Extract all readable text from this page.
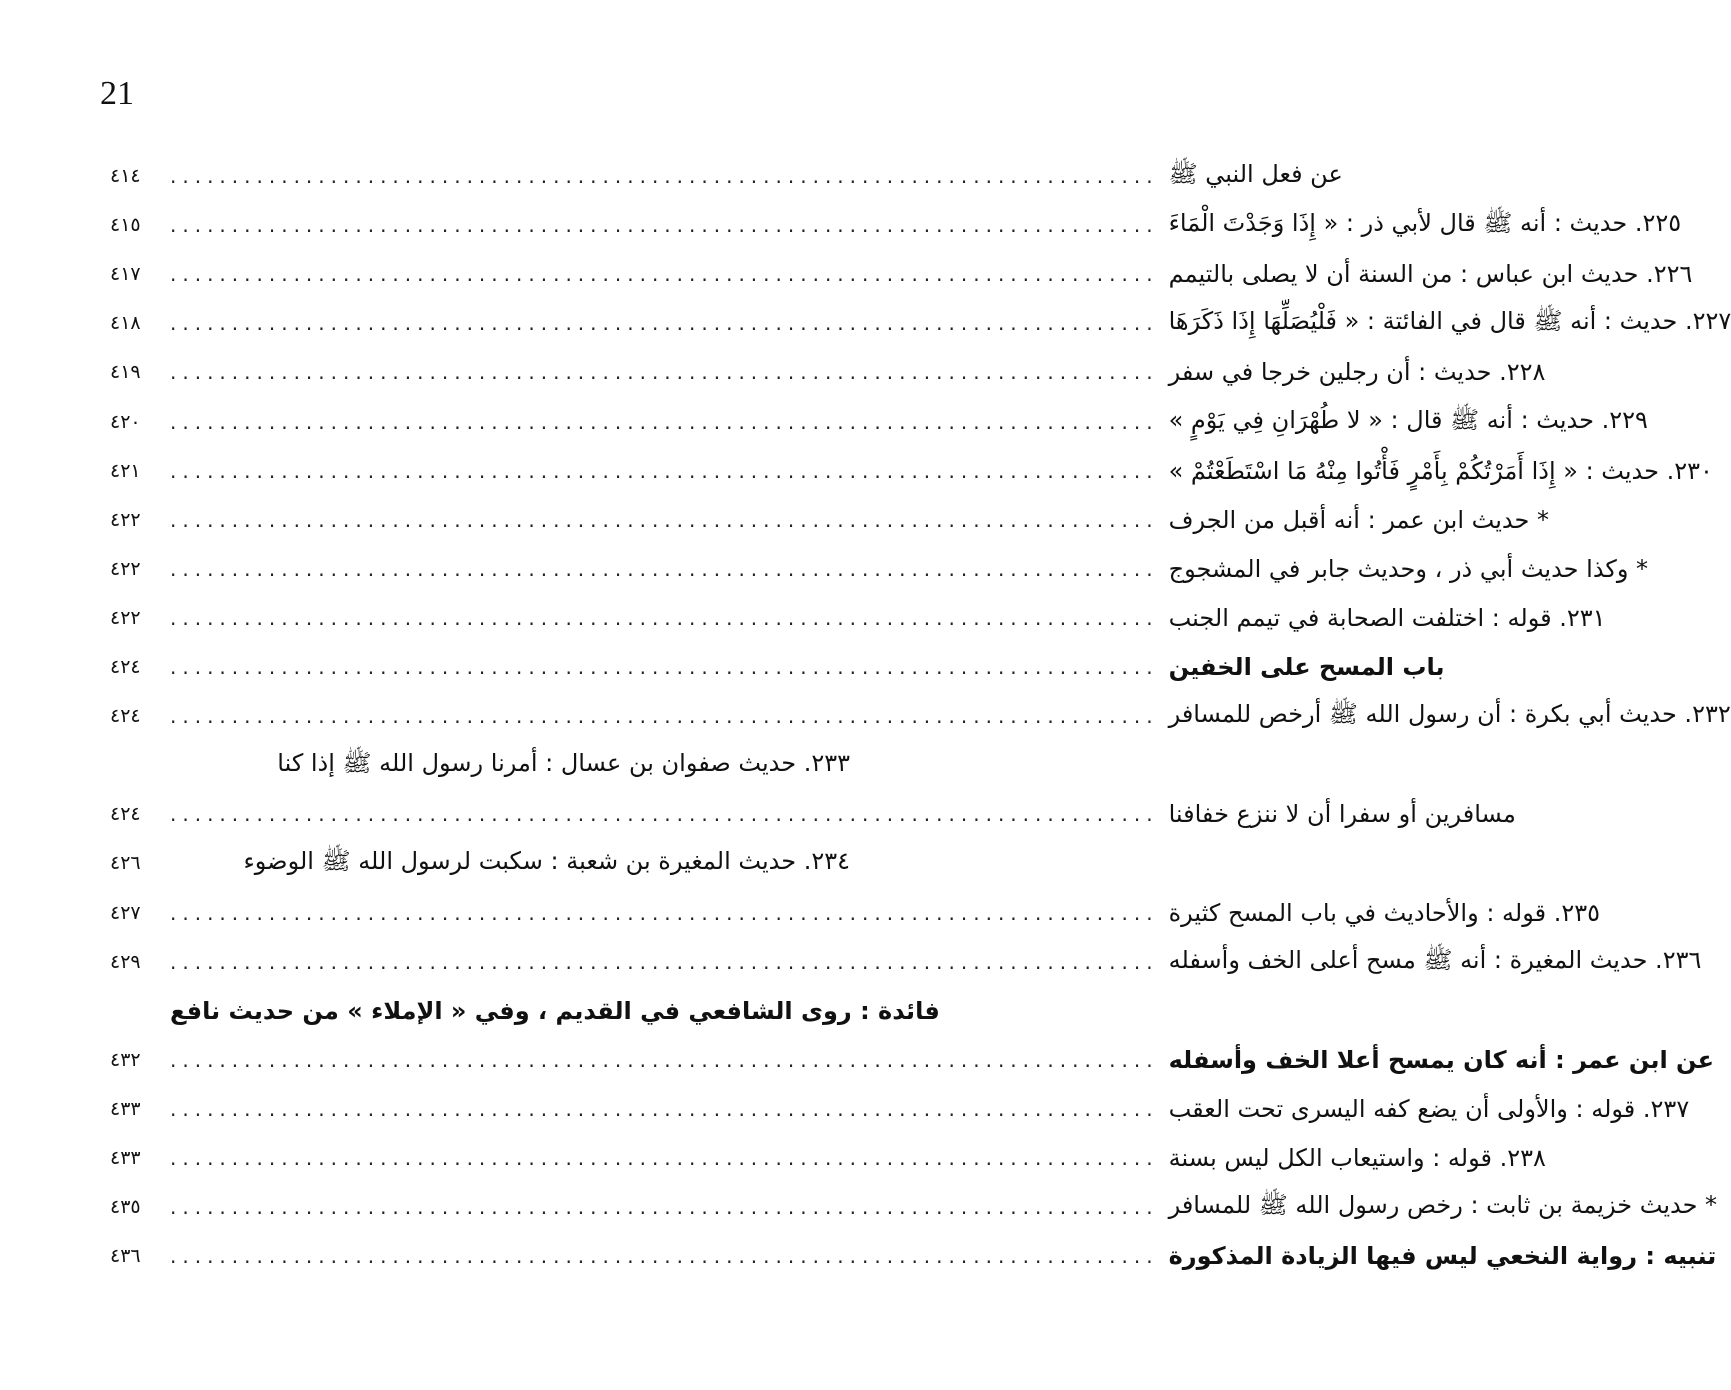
21
٤١٤	عن فعل النبي ﷺ
................................................................................
٤١٥	٢٢٥. حديث : أنه ﷺ قال لأبي ذر : « إِذَا وَجَدْتَ الْمَاءَ
................................................................................
٤١٧	٢٢٦. حديث ابن عباس : من السنة أن لا يصلى بالتيمم
................................................................................
٤١٨	٢٢٧. حديث : أنه ﷺ قال في الفائتة : « فَلْيُصَلِّهَا إِذَا ذَكَرَهَا
................................................................................
٤١٩	٢٢٨. حديث : أن رجلين خرجا في سفر
................................................................................
٤٢٠	٢٢٩. حديث : أنه ﷺ قال : « لا طُهْرَانِ فِي يَوْمٍ »
................................................................................
٤٢١	٢٣٠. حديث : « إِذَا أَمَرْتُكُمْ بِأَمْرٍ فَأْتُوا مِنْهُ مَا اسْتَطَعْتُمْ »
................................................................................
٤٢٢	* حديث ابن عمر : أنه أقبل من الجرف
................................................................................
٤٢٢	* وكذا حديث أبي ذر ، وحديث جابر في المشجوج
................................................................................
٤٢٢	٢٣١. قوله : اختلفت الصحابة في تيمم الجنب
................................................................................
٤٢٤	باب المسح على الخفين
................................................................................
٤٢٤	٢٣٢. حديث أبي بكرة : أن رسول الله ﷺ أرخص للمسافر
................................................................................
٢٣٣. حديث صفوان بن عسال : أمرنا رسول الله ﷺ إذا كنا
٤٢٤	مسافرين أو سفرا أن لا ننزع خفافنا
................................................................................
٤٢٦	٢٣٤. حديث المغيرة بن شعبة : سكبت لرسول الله ﷺ الوضوء
٤٢٧	٢٣٥. قوله : والأحاديث في باب المسح كثيرة
................................................................................
٤٢٩	٢٣٦. حديث المغيرة : أنه ﷺ مسح أعلى الخف وأسفله
................................................................................
فائدة : روى الشافعي في القديم ، وفي « الإملاء » من حديث نافع
٤٣٢	عن ابن عمر : أنه كان يمسح أعلا الخف وأسفله
................................................................................
٤٣٣	٢٣٧. قوله : والأولى أن يضع كفه اليسرى تحت العقب
................................................................................
٤٣٣	٢٣٨. قوله : واستيعاب الكل ليس بسنة
................................................................................
٤٣٥	* حديث خزيمة بن ثابت : رخص رسول الله ﷺ للمسافر
................................................................................
٤٣٦	تنبيه : رواية النخعي ليس فيها الزيادة المذكورة
................................................................................
